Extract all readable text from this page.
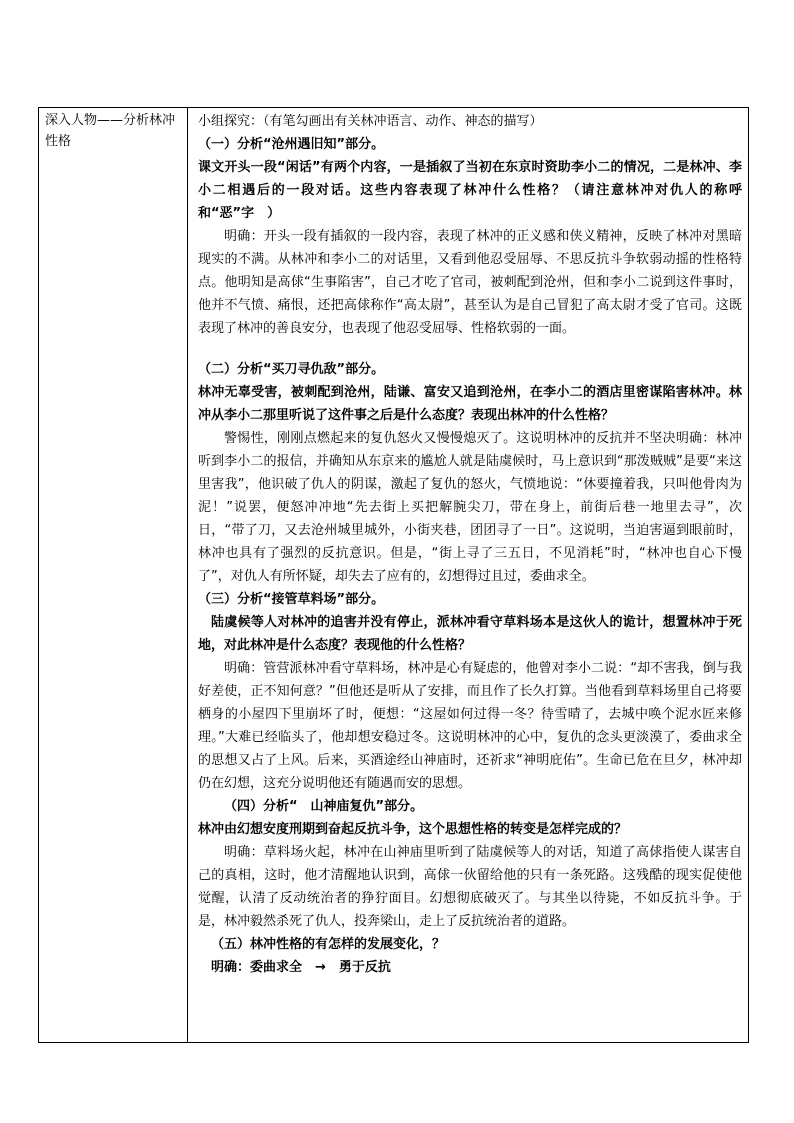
深入人物——分析林冲性格

小组探究：（有笔勾画出有关林冲语言、动作、神态的描写）

（一）分析“沧州遇旧知”部分。

课文开头一段“闲话”有两个内容，一是插叙了当初在东京时资助李小二的情况，二是林冲、李小二相遇后的一段对话。这些内容表现了林冲什么性格？（请注意林冲对仇人的称呼和“恶”字　）

明确：开头一段有插叙的一段内容，表现了林冲的正义感和侠义精神，反映了林冲对黑暗现实的不满。从林冲和李小二的对话里，又看到他忍受屈辱、不思反抗斗争软弱动摇的性格特点。他明知是高俅“生事陷害”，自己才吃了官司，被刺配到沧州，但和李小二说到这件事时，他并不气愤、痛恨，还把高俅称作“高太尉”，甚至认为是自己冒犯了高太尉才受了官司。这既表现了林冲的善良安分，也表现了他忍受屈辱、性格软弱的一面。

（二）分析“买刀寻仇敌”部分。

林冲无辜受害，被刺配到沧州，陆谦、富安又追到沧州，在李小二的酒店里密谋陷害林冲。林冲从李小二那里听说了这件事之后是什么态度？表现出林冲的什么性格？

警惕性，刚刚点燃起来的复仇怒火又慢慢熄灭了。这说明林冲的反抗并不坚决明确：林冲听到李小二的报信，并确知从东京来的尴尬人就是陆虞候时，马上意识到“那泼贼贼”是要“来这里害我”，他识破了仇人的阴谋，激起了复仇的怒火，气愤地说：“休要撞着我，只叫他骨肉为泥！”说罢，便怒冲冲地“先去街上买把解腕尖刀，带在身上，前街后巷一地里去寻”，次日，“带了刀，又去沧州城里城外，小街夹巷，团团寻了一日”。这说明，当迫害逼到眼前时，林冲也具有了强烈的反抗意识。但是，“街上寻了三五日，不见消耗”时，“林冲也自心下慢了”，对仇人有所怀疑，却失去了应有的，幻想得过且过，委曲求全。

（三）分析“接管草料场”部分。

陆虞候等人对林冲的追害并没有停止，派林冲看守草料场本是这伙人的诡计，想置林冲于死地，对此林冲是什么态度？表现他的什么性格？

明确：管营派林冲看守草料场，林冲是心有疑虑的，他曾对李小二说：“却不害我，倒与我好差使，正不知何意？”但他还是听从了安排，而且作了长久打算。当他看到草料场里自己将要栖身的小屋四下里崩坏了时，便想：“这屋如何过得一冬？待雪晴了，去城中唤个泥水匠来修理。”大难已经临头了，他却想安稳过冬。这说明林冲的心中，复仇的念头更淡漠了，委曲求全的思想又占了上风。后来，买酒途经山神庙时，还祈求“神明庇佑”。生命已危在旦夕，林冲却仍在幻想，这充分说明他还有随遇而安的思想。

（四）分析“　山神庙复仇”部分。

林冲由幻想安度刑期到奋起反抗斗争，这个思想性格的转变是怎样完成的？

明确：草料场火起，林冲在山神庙里听到了陆虞候等人的对话，知道了高俅指使人谋害自己的真相，这时，他才清醒地认识到，高俅一伙留给他的只有一条死路。这残酷的现实促使他觉醒，认清了反动统治者的狰狞面目。幻想彻底破灭了。与其坐以待毙，不如反抗斗争。于是，林冲毅然杀死了仇人，投奔梁山，走上了反抗统治者的道路。

（五）林冲性格的有怎样的发展变化，？

明确：委曲求全　→　勇于反抗
